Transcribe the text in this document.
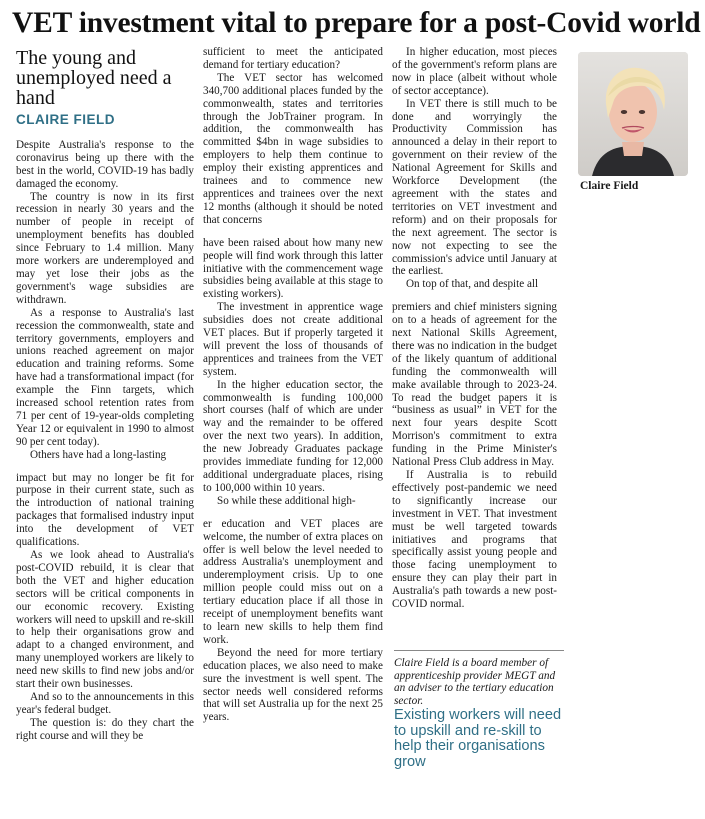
VET investment vital to prepare for a post-Covid world
The young and unemployed need a hand
CLAIRE FIELD

Despite Australia's response to the coronavirus being up there with the best in the world, COVID-19 has badly damaged the economy.

The country is now in its first recession in nearly 30 years and the number of people in receipt of unemployment benefits has doubled since February to 1.4 million. Many more workers are underemployed and may yet lose their jobs as the government's wage subsidies are withdrawn.

As a response to Australia's last recession the commonwealth, state and territory governments, employers and unions reached agreement on major education and training reforms. Some have had a transformational impact (for example the Finn targets, which increased school retention rates from 71 per cent of 19-year-olds completing Year 12 or equivalent in 1990 to almost 90 per cent today).

Others have had a long-lasting

impact but may no longer be fit for purpose in their current state, such as the introduction of national training packages that formalised industry input into the development of VET qualifications.

As we look ahead to Australia's post-COVID rebuild, it is clear that both the VET and higher education sectors will be critical components in our economic recovery. Existing workers will need to upskill and re-skill to help their organisations grow and adapt to a changed environment, and many unemployed workers are likely to need new skills to find new jobs and/or start their own businesses.

And so to the announcements in this year's federal budget.

The question is: do they chart the right course and will they be

sufficient to meet the anticipated demand for tertiary education?

The VET sector has welcomed 340,700 additional places funded by the commonwealth, states and territories through the JobTrainer program. In addition, the commonwealth has committed $4bn in wage subsidies to employers to help them continue to employ their existing apprentices and trainees and to commence new apprentices and trainees over the next 12 months (although it should be noted that concerns

have been raised about how many new people will find work through this latter initiative with the commencement wage subsidies being available at this stage to existing workers).

The investment in apprentice wage subsidies does not create additional VET places. But if properly targeted it will prevent the loss of thousands of apprentices and trainees from the VET system.

In the higher education sector, the commonwealth is funding 100,000 short courses (half of which are under way and the remainder to be offered over the next two years). In addition, the new Jobready Graduates package provides immediate funding for 12,000 additional undergraduate places, rising to 100,000 within 10 years.

So while these additional high-

er education and VET places are welcome, the number of extra places on offer is well below the level needed to address Australia's unemployment and underemployment crisis. Up to one million people could miss out on a tertiary education place if all those in receipt of unemployment benefits want to learn new skills to help them find work.

Beyond the need for more tertiary education places, we also need to make sure the investment is well spent. The sector needs well considered reforms that will set Australia up for the next 25 years.

In higher education, most pieces of the government's reform plans are now in place (albeit without whole of sector acceptance).

In VET there is still much to be done and worryingly the Productivity Commission has announced a delay in their report to government on their review of the National Agreement for Skills and Workforce Development (the agreement with the states and territories on VET investment and reform) and on their proposals for the next agreement. The sector is now not expecting to see the commission's advice until January at the earliest.

On top of that, and despite all

premiers and chief ministers signing on to a heads of agreement for the next National Skills Agreement, there was no indication in the budget of the likely quantum of additional funding the commonwealth will make available through to 2023-24. To read the budget papers it is “business as usual” in VET for the next four years despite Scott Morrison's commitment to extra funding in the Prime Minister's National Press Club address in May.

If Australia is to rebuild effectively post-pandemic we need to significantly increase our investment in VET. That investment must be well targeted towards initiatives and programs that specifically assist young people and those facing unemployment to ensure they can play their part in Australia's path towards a new post-COVID normal.

Claire Field
Claire Field is a board member of apprenticeship provider MEGT and an adviser to the tertiary education sector.
Existing workers will need to upskill and re-skill to help their organisations grow
